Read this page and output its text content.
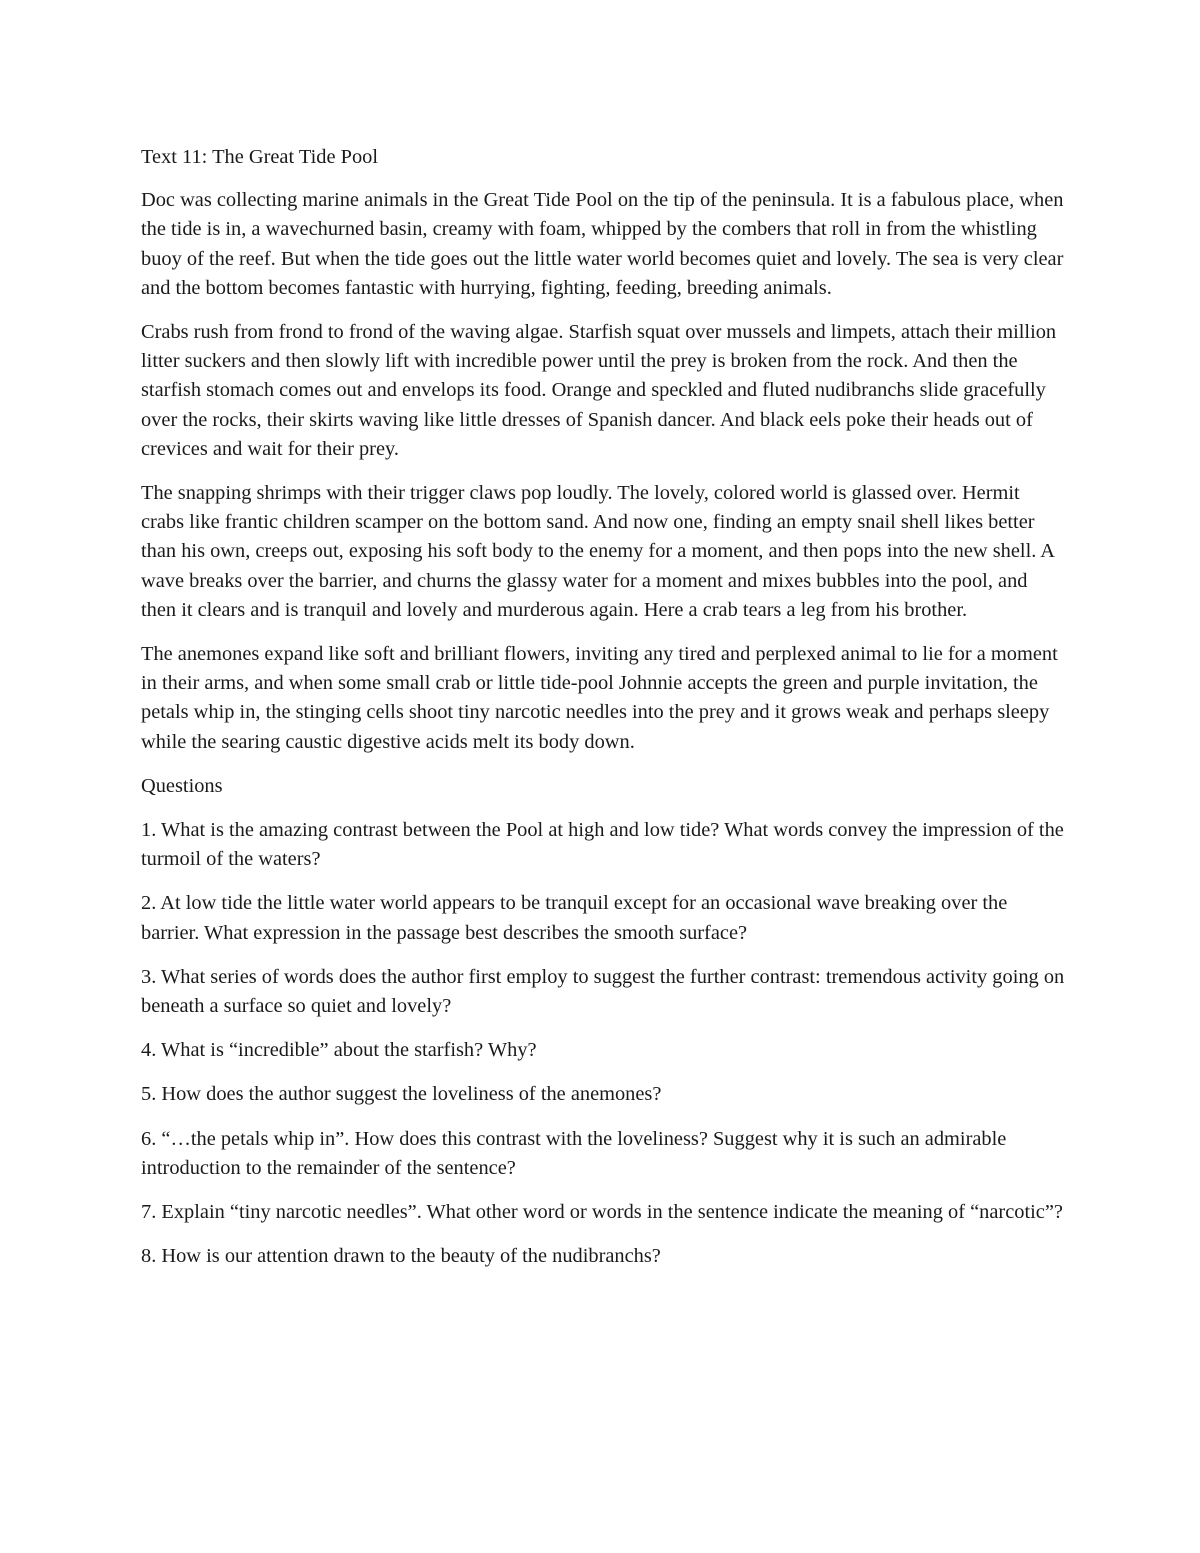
Text 11: The Great Tide Pool

Doc was collecting marine animals in the Great Tide Pool on the tip of the peninsula. It is a fabulous place, when the tide is in, a wavechurned basin, creamy with foam, whipped by the combers that roll in from the whistling buoy of the reef. But when the tide goes out the little water world becomes quiet and lovely. The sea is very clear and the bottom becomes fantastic with hurrying, fighting, feeding, breeding animals.

Crabs rush from frond to frond of the waving algae. Starfish squat over mussels and limpets, attach their million litter suckers and then slowly lift with incredible power until the prey is broken from the rock. And then the starfish stomach comes out and envelops its food. Orange and speckled and fluted nudibranchs slide gracefully over the rocks, their skirts waving like little dresses of Spanish dancer. And black eels poke their heads out of crevices and wait for their prey.

The snapping shrimps with their trigger claws pop loudly. The lovely, colored world is glassed over. Hermit crabs like frantic children scamper on the bottom sand. And now one, finding an empty snail shell likes better than his own, creeps out, exposing his soft body to the enemy for a moment, and then pops into the new shell. A wave breaks over the barrier, and churns the glassy water for a moment and mixes bubbles into the pool, and then it clears and is tranquil and lovely and murderous again. Here a crab tears a leg from his brother.

The anemones expand like soft and brilliant flowers, inviting any tired and perplexed animal to lie for a moment in their arms, and when some small crab or little tide-pool Johnnie accepts the green and purple invitation, the petals whip in, the stinging cells shoot tiny narcotic needles into the prey and it grows weak and perhaps sleepy while the searing caustic digestive acids melt its body down.

Questions

1. What is the amazing contrast between the Pool at high and low tide? What words convey the impression of the turmoil of the waters?

2. At low tide the little water world appears to be tranquil except for an occasional wave breaking over the barrier. What expression in the passage best describes the smooth surface?

3. What series of words does the author first employ to suggest the further contrast: tremendous activity going on beneath a surface so quiet and lovely?

4. What is “incredible” about the starfish? Why?

5. How does the author suggest the loveliness of the anemones?

6. “…the petals whip in”. How does this contrast with the loveliness? Suggest why it is such an admirable introduction to the remainder of the sentence?

7. Explain “tiny narcotic needles”. What other word or words in the sentence indicate the meaning of “narcotic”?

8. How is our attention drawn to the beauty of the nudibranchs?
